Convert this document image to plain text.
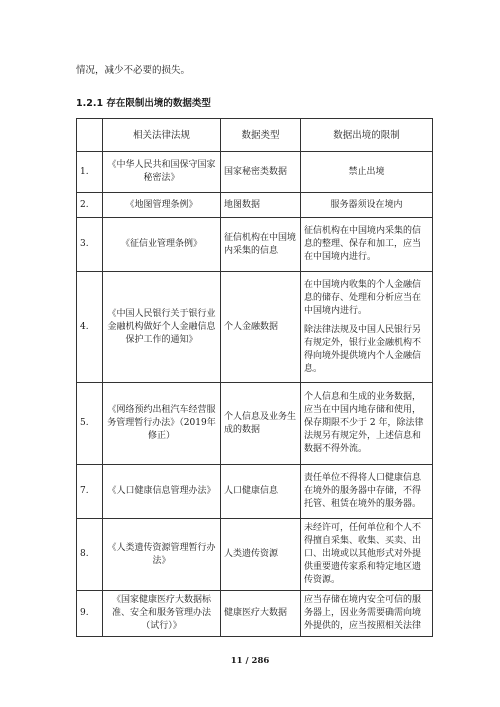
情况，减少不必要的损失。
1.2.1 存在限制出境的数据类型
	相关法律法规	数据类型	数据出境的限制
1.	《中华人民共和国保守国家秘密法》	国家秘密类数据	禁止出境

2.	《地图管理条例》	地图数据	服务器须设在境内

3.	《征信业管理条例》	征信机构在中国境内采集的信息	征信机构在中国境内采集的信息的整理、保存和加工，应当在中国境内进行。

4.	《中国人民银行关于银行业金融机构做好个人金融信息保护工作的通知》	个人金融数据	在中国境内收集的个人金融信息的储存、处理和分析应当在中国境内进行。

除法律法规及中国人民银行另有规定外，银行业金融机构不得向境外提供境内个人金融信息。

5.	《网络预约出租汽车经营服务管理暂行办法》（2019年修正）	个人信息及业务生成的数据	个人信息和生成的业务数据，应当在中国内地存储和使用，保存期限不少于 2 年，除法律法规另有规定外，上述信息和数据不得外流。

7.	《人口健康信息管理办法》	人口健康信息	责任单位不得将人口健康信息在境外的服务器中存储，不得托管、租赁在境外的服务器。

8.	《人类遗传资源管理暂行办法》	人类遗传资源	未经许可，任何单位和个人不得擅自采集、收集、买卖、出口、出境或以其他形式对外提供重要遗传家系和特定地区遗传资源。

9.	《国家健康医疗大数据标准、安全和服务管理办法（试行）》	健康医疗大数据	应当存储在境内安全可信的服务器上，因业务需要确需向境外提供的，应当按照相关法律

11 / 286
